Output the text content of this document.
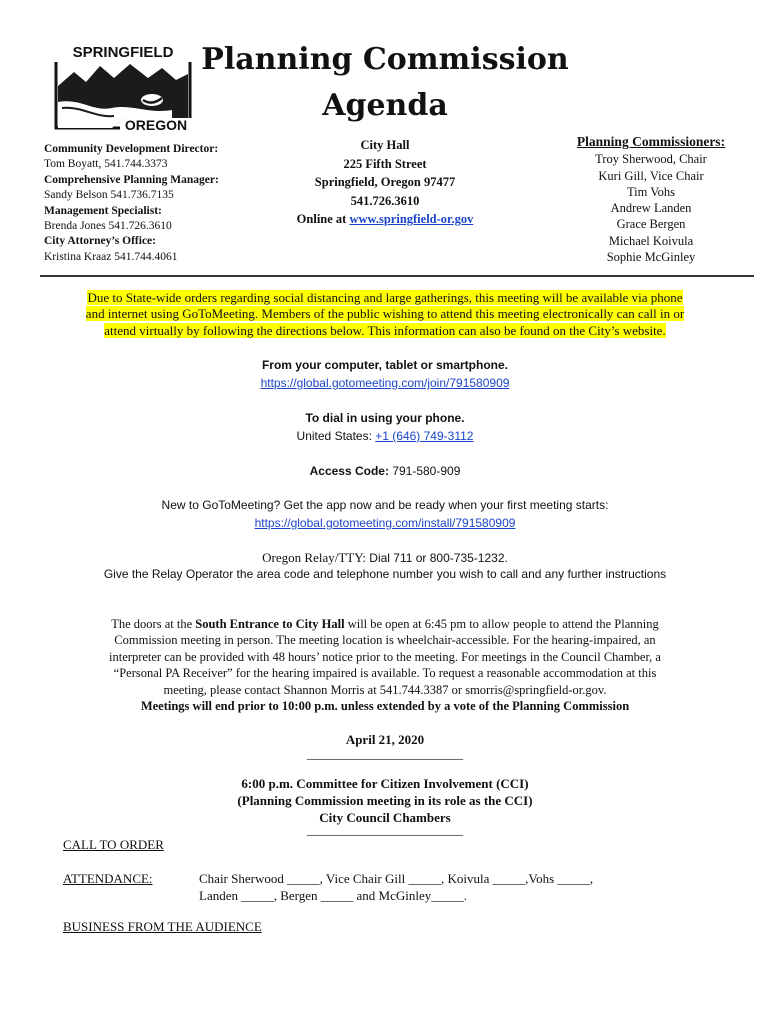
SPRINGFIELD
OREGON
Planning Commission
Agenda
Community Development Director:
Tom Boyatt, 541.744.3373
Comprehensive Planning Manager:
Sandy Belson 541.736.7135
Management Specialist:
Brenda Jones 541.726.3610
City Attorney’s Office:
Kristina Kraaz 541.744.4061
City Hall
225 Fifth Street
Springfield, Oregon 97477
541.726.3610
Online at www.springfield-or.gov
Planning Commissioners:
Troy Sherwood, Chair
Kuri Gill, Vice Chair
Tim Vohs
Andrew Landen
Grace Bergen
Michael Koivula
Sophie McGinley
Due to State-wide orders regarding social distancing and large gatherings, this meeting will be available via phone
and internet using GoToMeeting. Members of the public wishing to attend this meeting electronically can call in or
attend virtually by following the directions below. This information can also be found on the City’s website.
From your computer, tablet or smartphone.
https://global.gotomeeting.com/join/791580909
To dial in using your phone.
United States: +1 (646) 749-3112
Access Code: 791-580-909
New to GoToMeeting? Get the app now and be ready when your first meeting starts:
https://global.gotomeeting.com/install/791580909
Oregon Relay/TTY: Dial 711 or 800-735-1232.
Give the Relay Operator the area code and telephone number you wish to call and any further instructions
The doors at the South Entrance to City Hall will be open at 6:45 pm to allow people to attend the Planning
Commission meeting in person. The meeting location is wheelchair-accessible. For the hearing-impaired, an
interpreter can be provided with 48 hours’ notice prior to the meeting. For meetings in the Council Chamber, a
“Personal PA Receiver” for the hearing impaired is available. To request a reasonable accommodation at this
meeting, please contact Shannon Morris at 541.744.3387 or smorris@springfield-or.gov.
Meetings will end prior to 10:00 p.m. unless extended by a vote of the Planning Commission
April 21, 2020
________________________
6:00 p.m. Committee for Citizen Involvement (CCI)
(Planning Commission meeting in its role as the CCI)
City Council Chambers
________________________
CALL TO ORDER
ATTENDANCE:	Chair Sherwood _____, Vice Chair Gill _____, Koivula _____,Vohs _____,
Landen _____, Bergen _____ and McGinley_____.
BUSINESS FROM THE AUDIENCE
